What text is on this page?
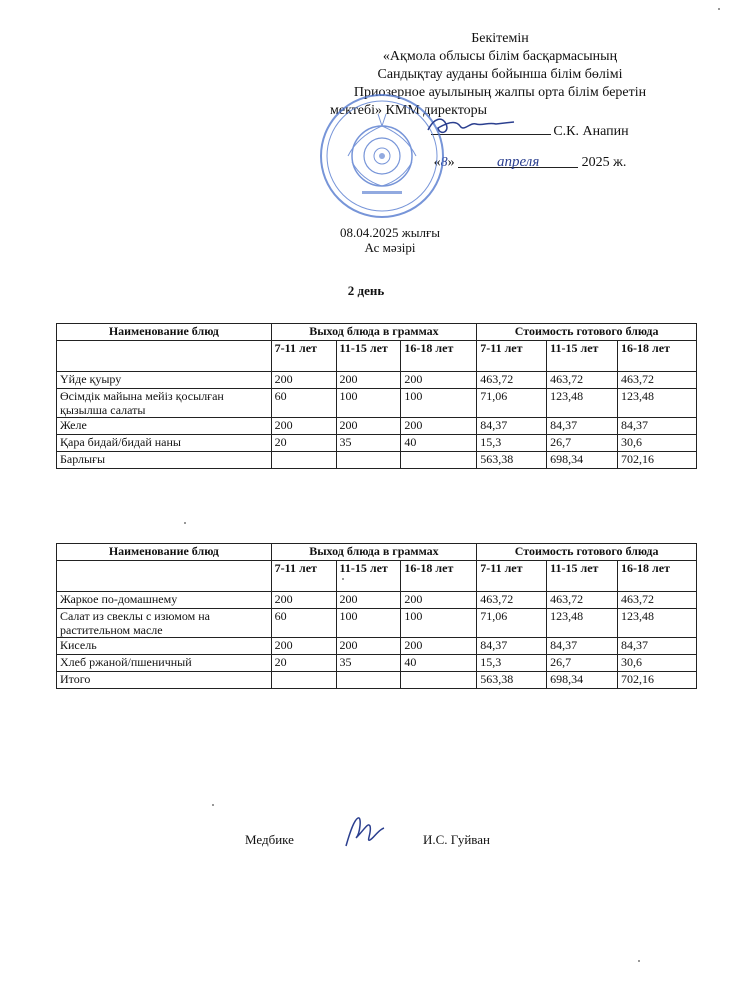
Бекітемін
«Ақмола облысы білім басқармасының
Сандықтау ауданы бойынша білім бөлімі
Приозерное ауылының жалпы орта білім беретін
мектебі» КММ директоры
С.К. Анапин
«8»	апреля	2025 ж.
08.04.2025 жылғы
Ас мәзірі
2 день
Наименование блюд	Выход блюда в граммах			Стоимость готового блюда		
	7-11 лет	11-15 лет	16-18 лет	7-11 лет	11-15 лет	16-18 лет
Үйде қуыру	200	200	200	463,72	463,72	463,72
Өсімдік майына мейіз қосылған қызылша салаты	60	100	100	71,06	123,48	123,48
Желе	200	200	200	84,37	84,37	84,37
Қара бидай/бидай наны	20	35	40	15,3	26,7	30,6
Барлығы				563,38	698,34	702,16
Наименование блюд	Выход блюда в граммах			Стоимость готового блюда		
	7-11 лет	11-15 лет	16-18 лет	7-11 лет	11-15 лет	16-18 лет
Жаркое по-домашнему	200	200	200	463,72	463,72	463,72
Салат из свеклы с изюмом на растительном масле	60	100	100	71,06	123,48	123,48
Кисель	200	200	200	84,37	84,37	84,37
Хлеб ржаной/пшеничный	20	35	40	15,3	26,7	30,6
Итого				563,38	698,34	702,16
Медбике	И.С. Гуйван
